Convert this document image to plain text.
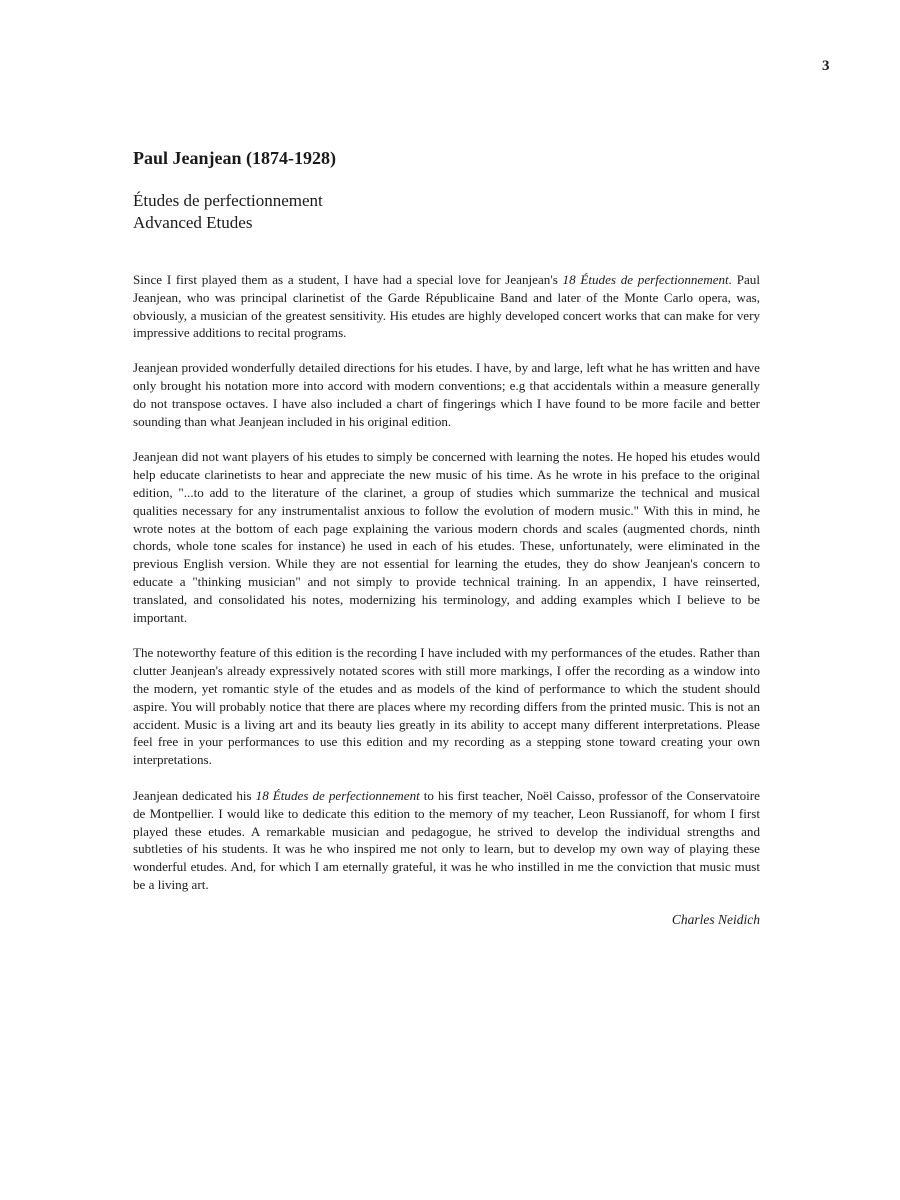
3
Paul Jeanjean (1874-1928)

Études de perfectionnement

Advanced Etudes

Since I first played them as a student, I have had a special love for Jeanjean's 18 Études de perfectionnement. Paul Jeanjean, who was principal clarinetist of the Garde Républicaine Band and later of the Monte Carlo opera, was, obviously, a musician of the greatest sensitivity. His etudes are highly developed concert works that can make for very impressive additions to recital programs.

Jeanjean provided wonderfully detailed directions for his etudes. I have, by and large, left what he has written and have only brought his notation more into accord with modern conventions; e.g that accidentals within a measure generally do not transpose octaves. I have also included a chart of fingerings which I have found to be more facile and better sounding than what Jeanjean included in his original edition.

Jeanjean did not want players of his etudes to simply be concerned with learning the notes. He hoped his etudes would help educate clarinetists to hear and appreciate the new music of his time. As he wrote in his preface to the original edition, "...to add to the literature of the clarinet, a group of studies which summarize the technical and musical qualities necessary for any instrumentalist anxious to follow the evolution of modern music." With this in mind, he wrote notes at the bottom of each page explaining the various modern chords and scales (augmented chords, ninth chords, whole tone scales for instance) he used in each of his etudes. These, unfortunately, were eliminated in the previous English version. While they are not essential for learning the etudes, they do show Jeanjean's concern to educate a "thinking musician" and not simply to provide technical training. In an appendix, I have reinserted, translated, and consolidated his notes, modernizing his terminology, and adding examples which I believe to be important.

The noteworthy feature of this edition is the recording I have included with my performances of the etudes. Rather than clutter Jeanjean's already expressively notated scores with still more markings, I offer the recording as a window into the modern, yet romantic style of the etudes and as models of the kind of performance to which the student should aspire. You will probably notice that there are places where my recording differs from the printed music. This is not an accident. Music is a living art and its beauty lies greatly in its ability to accept many different interpretations. Please feel free in your performances to use this edition and my recording as a stepping stone toward creating your own interpretations.

Jeanjean dedicated his 18 Études de perfectionnement to his first teacher, Noël Caisso, professor of the Conservatoire de Montpellier. I would like to dedicate this edition to the memory of my teacher, Leon Russianoff, for whom I first played these etudes. A remarkable musician and pedagogue, he strived to develop the individual strengths and subtleties of his students. It was he who inspired me not only to learn, but to develop my own way of playing these wonderful etudes. And, for which I am eternally grateful, it was he who instilled in me the conviction that music must be a living art.

Charles Neidich
